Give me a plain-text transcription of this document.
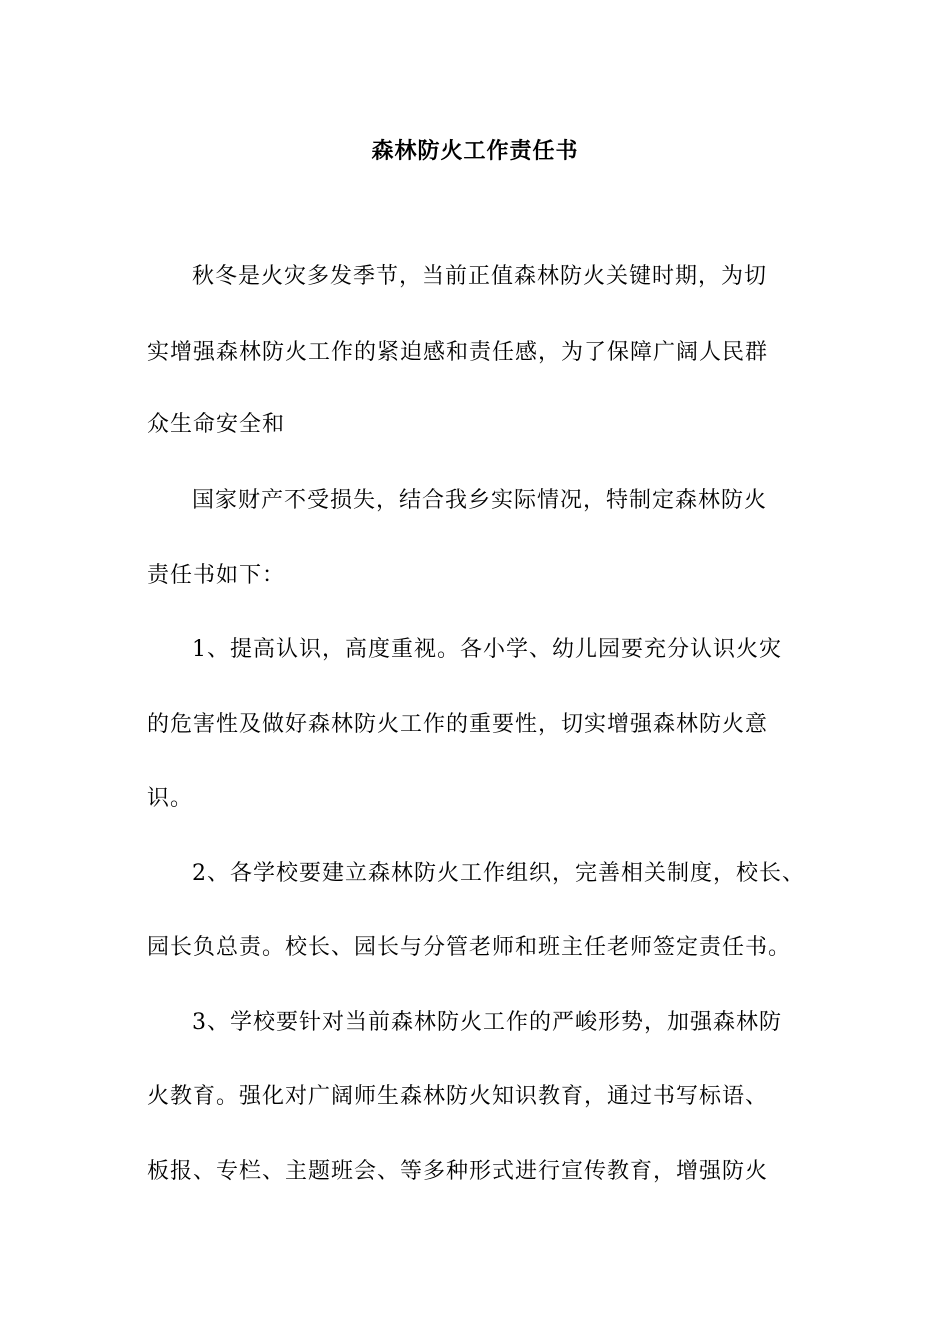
森林防火工作责任书
秋冬是火灾多发季节，当前正值森林防火关键时期，为切
实增强森林防火工作的紧迫感和责任感，为了保障广阔人民群
众生命安全和
国家财产不受损失，结合我乡实际情况，特制定森林防火
责任书如下：
1、提高认识，高度重视。各小学、幼儿园要充分认识火灾
的危害性及做好森林防火工作的重要性，切实增强森林防火意
识。
2、各学校要建立森林防火工作组织，完善相关制度，校长、
园长负总责。校长、园长与分管老师和班主任老师签定责任书。
3、学校要针对当前森林防火工作的严峻形势，加强森林防
火教育。强化对广阔师生森林防火知识教育，通过书写标语、
板报、专栏、主题班会、等多种形式进行宣传教育，增强防火
